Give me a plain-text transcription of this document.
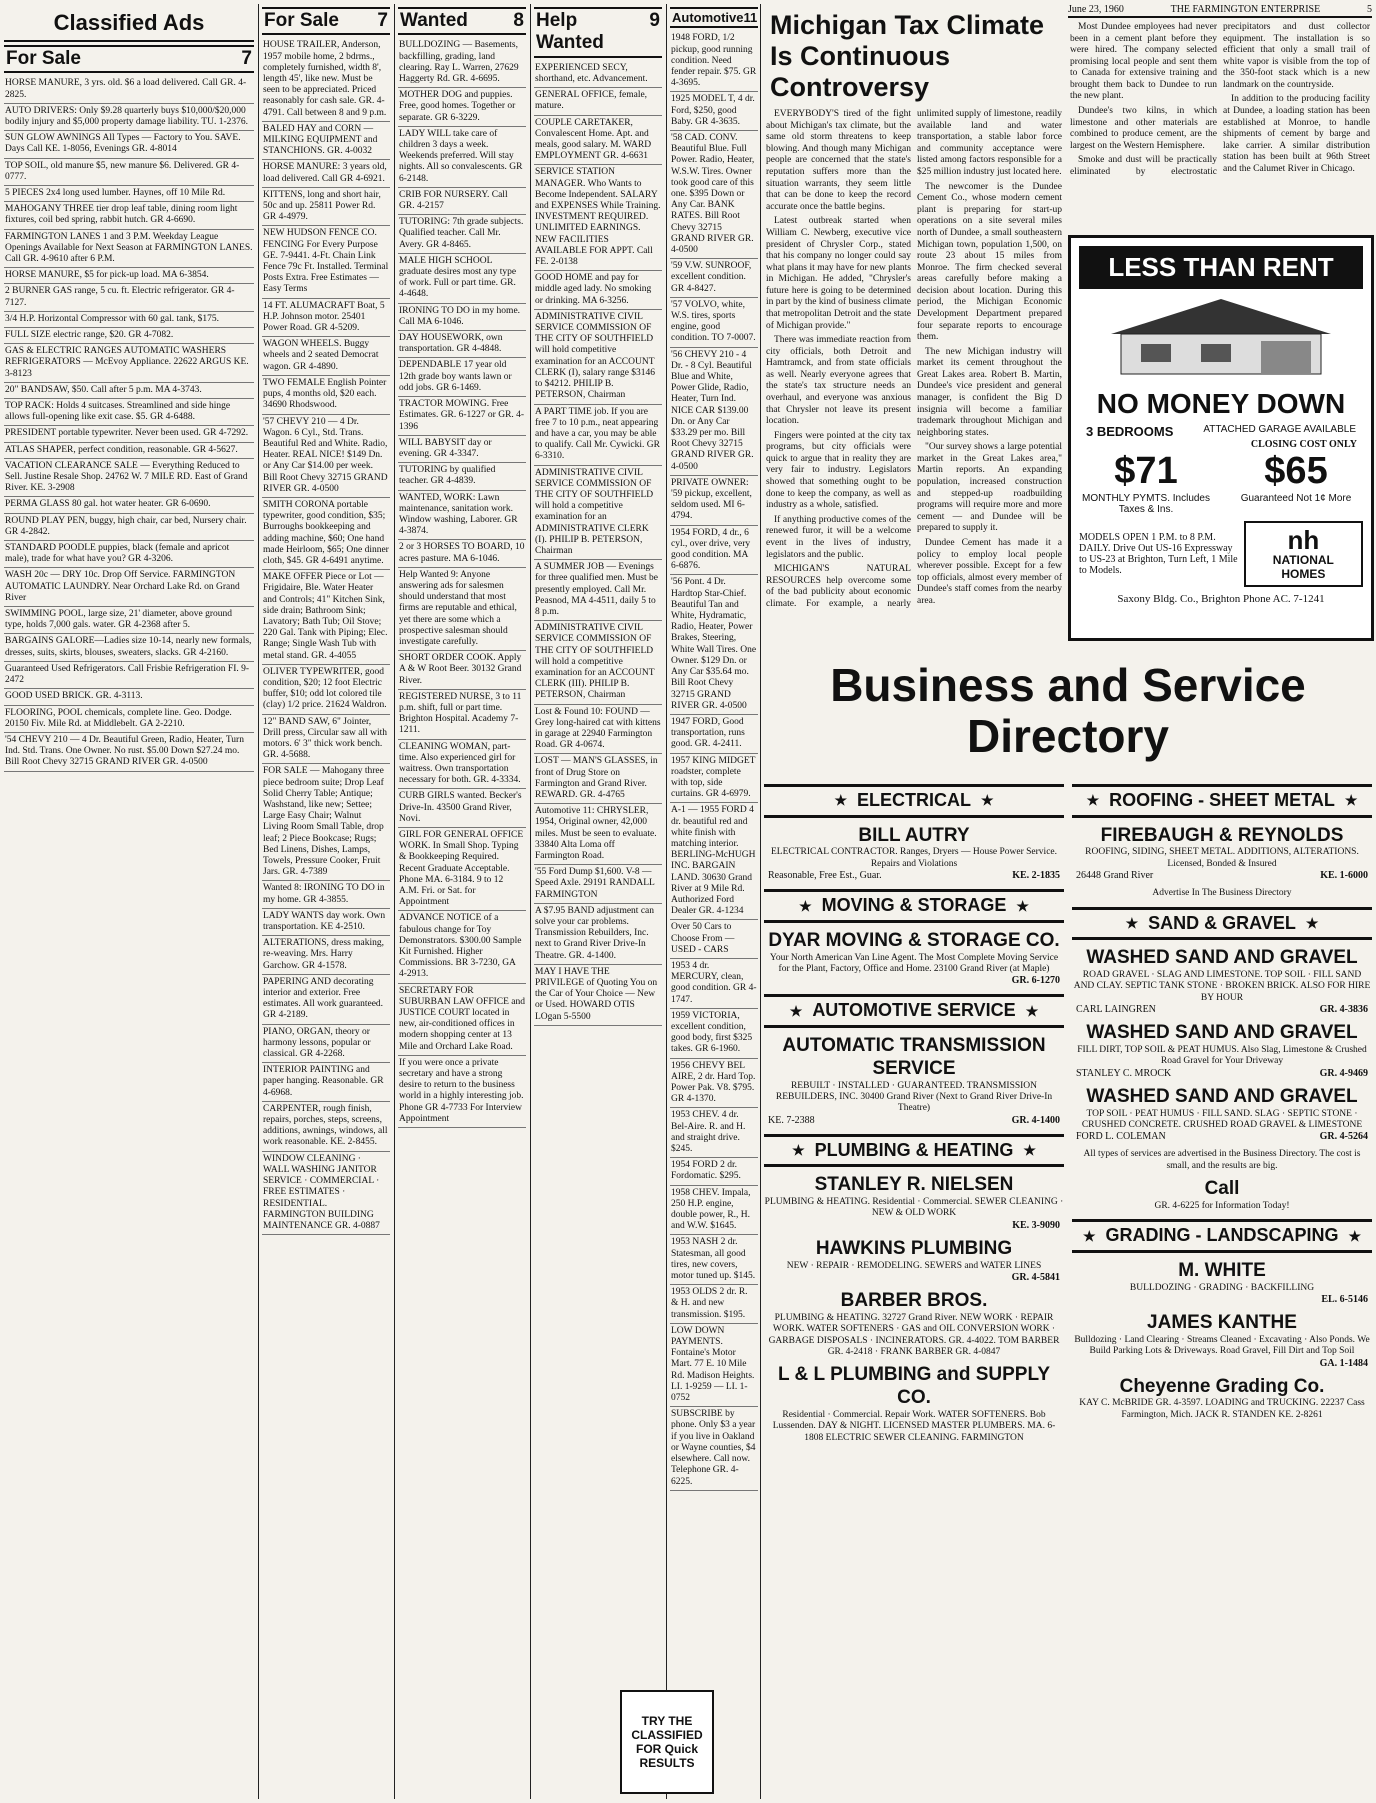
Classified Ads
For Sale	7
HORSE MANURE, 3 yrs. old. $6 a load delivered. Call GR. 4-2825.
AUTO DRIVERS: Only $9.28 quarterly buys $10,000/$20,000 bodily injury and $5,000 property damage liability. TU. 1-2376.
SUN GLOW AWNINGS All Types — Factory to You. SAVE. Days Call KE. 1-8056, Evenings GR. 4-8014
TOP SOIL, old manure $5, new manure $6. Delivered. GR 4-0777.
5 PIECES 2x4 long used lumber. Haynes, off 10 Mile Rd.
MAHOGANY THREE tier drop leaf table, dining room light fixtures, coil bed spring, rabbit hutch. GR 4-6690.
FARMINGTON LANES 1 and 3 P.M. Weekday League Openings Available for Next Season at FARMINGTON LANES. Call GR. 4-9610 after 6 P.M.
HORSE MANURE, $5 for pick-up load. MA 6-3854.
2 BURNER GAS range, 5 cu. ft. Electric refrigerator. GR 4-7127.
3/4 H.P. Horizontal Compressor with 60 gal. tank, $175.
FULL SIZE electric range, $20. GR 4-7082.
GAS & ELECTRIC RANGES AUTOMATIC WASHERS REFRIGERATORS — McEvoy Appliance. 22622 ARGUS KE. 3-8123
20" BANDSAW, $50. Call after 5 p.m. MA 4-3743.
TOP RACK: Holds 4 suitcases. Streamlined and side hinge allows full-opening like exit case. $5. GR 4-6488.
PRESIDENT portable typewriter. Never been used. GR 4-7292.
ATLAS SHAPER, perfect condition, reasonable. GR 4-5627.
VACATION CLEARANCE SALE — Everything Reduced to Sell. Justine Resale Shop. 24762 W. 7 MILE RD. East of Grand River. KE. 3-2908
PERMA GLASS 80 gal. hot water heater. GR 6-0690.
ROUND PLAY PEN, buggy, high chair, car bed, Nursery chair. GR 4-2842.
STANDARD POODLE puppies, black (female and apricot male), trade for what have you? GR 4-3206.
WASH 20c — DRY 10c. Drop Off Service. FARMINGTON AUTOMATIC LAUNDRY. Near Orchard Lake Rd. on Grand River
SWIMMING POOL, large size, 21' diameter, above ground type, holds 7,000 gals. water. GR 4-2368 after 5.
BARGAINS GALORE—Ladies size 10-14, nearly new formals, dresses, suits, skirts, blouses, sweaters, slacks. GR 4-2160.
Guaranteed Used Refrigerators. Call Frisbie Refrigeration FI. 9-2472
GOOD USED BRICK. GR. 4-3113.
FLOORING, POOL chemicals, complete line. Geo. Dodge. 20150 Fiv. Mile Rd. at Middlebelt. GA 2-2210.
'54 CHEVY 210 — 4 Dr. Beautiful Green, Radio, Heater, Turn Ind. Std. Trans. One Owner. No rust. $5.00 Down $27.24 mo. Bill Root Chevy 32715 GRAND RIVER GR. 4-0500
For Sale 7
HOUSE TRAILER, Anderson, 1957 mobile home, 2 bdrms., completely furnished, width 8', length 45', like new. Must be seen to be appreciated. Priced reasonably for cash sale. GR. 4-4791. Call between 8 and 9 p.m.
BALED HAY and CORN — MILKING EQUIPMENT and STANCHIONS. GR. 4-0032
HORSE MANURE: 3 years old, load delivered. Call GR 4-6921.
KITTENS, long and short hair, 50c and up. 25811 Power Rd. GR 4-4979.
NEW HUDSON FENCE CO. FENCING For Every Purpose GE. 7-9441. 4-Ft. Chain Link Fence 79c Ft. Installed. Terminal Posts Extra. Free Estimates — Easy Terms
14 FT. ALUMACRAFT Boat, 5 H.P. Johnson motor. 25401 Power Road. GR 4-5209.
WAGON WHEELS. Buggy wheels and 2 seated Democrat wagon. GR 4-4890.
TWO FEMALE English Pointer pups, 4 months old, $20 each. 34690 Rhodswood.
'57 CHEVY 210 — 4 Dr. Wagon. 6 Cyl., Std. Trans. Beautiful Red and White. Radio, Heater. REAL NICE! $149 Dn. or Any Car $14.00 per week. Bill Root Chevy 32715 GRAND RIVER GR. 4-0500
SMITH CORONA portable typewriter, good condition, $35; Burroughs bookkeeping and adding machine, $60; One hand made Heirloom, $65; One dinner cloth, $45. GR 4-6491 anytime.
MAKE OFFER Piece or Lot — Frigidaire, Ble. Water Heater and Controls; 41" Kitchen Sink, side drain; Bathroom Sink; Lavatory; Bath Tub; Oil Stove; 220 Gal. Tank with Piping; Elec. Range; Single Wash Tub with metal stand. GR. 4-4055
OLIVER TYPEWRITER, good condition, $20; 12 foot Electric buffer, $10; odd lot colored tile (clay) 1/2 price. 21624 Waldron.
12" BAND SAW, 6" Jointer, Drill press, Circular saw all with motors. 6' 3" thick work bench. GR. 4-5688.
FOR SALE — Mahogany three piece bedroom suite; Drop Leaf Solid Cherry Table; Antique; Washstand, like new; Settee; Large Easy Chair; Walnut Living Room Small Table, drop leaf; 2 Piece Bookcase; Rugs; Bed Linens, Dishes, Lamps, Towels, Pressure Cooker, Fruit Jars. GR. 4-7389
Wanted 8: IRONING TO DO in my home. GR 4-3855.
LADY WANTS day work. Own transportation. KE 4-2510.
ALTERATIONS, dress making, re-weaving. Mrs. Harry Garchow. GR 4-1578.
PAPERING AND decorating interior and exterior. Free estimates. All work guaranteed. GR 4-2189.
PIANO, ORGAN, theory or harmony lessons, popular or classical. GR 4-2268.
INTERIOR PAINTING and paper hanging. Reasonable. GR 4-6968.
CARPENTER, rough finish, repairs, porches, steps, screens, additions, awnings, windows, all work reasonable. KE. 2-8455.
WINDOW CLEANING · WALL WASHING JANITOR SERVICE · COMMERCIAL · FREE ESTIMATES · RESIDENTIAL. FARMINGTON BUILDING MAINTENANCE GR. 4-0887
Wanted 8
BULLDOZING — Basements, backfilling, grading, land clearing. Ray L. Warren, 27629 Haggerty Rd. GR. 4-6695.
MOTHER DOG and puppies. Free, good homes. Together or separate. GR 6-3229.
LADY WILL take care of children 3 days a week. Weekends preferred. Will stay nights. All so convalescents. GR 6-2148.
CRIB FOR NURSERY. Call GR. 4-2157
TUTORING: 7th grade subjects. Qualified teacher. Call Mr. Avery. GR 4-8465.
MALE HIGH SCHOOL graduate desires most any type of work. Full or part time. GR. 4-4648.
IRONING TO DO in my home. Call MA 6-1046.
DAY HOUSEWORK, own transportation. GR 4-4848.
DEPENDABLE 17 year old 12th grade boy wants lawn or odd jobs. GR 6-1469.
TRACTOR MOWING. Free Estimates. GR. 6-1227 or GR. 4-1396
WILL BABYSIT day or evening. GR 4-3347.
TUTORING by qualified teacher. GR 4-4839.
WANTED, WORK: Lawn maintenance, sanitation work. Window washing, Laborer. GR 4-3874.
2 or 3 HORSES TO BOARD, 10 acres pasture. MA 6-1046.
Help Wanted 9: Anyone answering ads for salesmen should understand that most firms are reputable and ethical, yet there are some which a prospective salesman should investigate carefully.
SHORT ORDER COOK. Apply A & W Root Beer. 30132 Grand River.
REGISTERED NURSE, 3 to 11 p.m. shift, full or part time. Brighton Hospital. Academy 7-1211.
CLEANING WOMAN, part-time. Also experienced girl for waitress. Own transportation necessary for both. GR. 4-3334.
CURB GIRLS wanted. Becker's Drive-In. 43500 Grand River, Novi.
GIRL FOR GENERAL OFFICE WORK. In Small Shop. Typing & Bookkeeping Required. Recent Graduate Acceptable. Phone MA. 6-3184. 9 to 12 A.M. Fri. or Sat. for Appointment
ADVANCE NOTICE of a fabulous change for Toy Demonstrators. $300.00 Sample Kit Furnished. Higher Commissions. BR 3-7230, GA 4-2913.
SECRETARY FOR SUBURBAN LAW OFFICE and JUSTICE COURT located in new, air-conditioned offices in modern shopping center at 13 Mile and Orchard Lake Road.
If you were once a private secretary and have a strong desire to return to the business world in a highly interesting job. Phone GR 4-7733 For Interview Appointment
Help Wanted
9
EXPERIENCED SECY, shorthand, etc. Advancement.
GENERAL OFFICE, female, mature.
COUPLE CARETAKER, Convalescent Home. Apt. and meals, good salary. M. WARD EMPLOYMENT GR. 4-6631
SERVICE STATION MANAGER. Who Wants to Become Independent. SALARY and EXPENSES While Training. INVESTMENT REQUIRED. UNLIMITED EARNINGS. NEW FACILITIES AVAILABLE FOR APPT. Call FE. 2-0138
GOOD HOME and pay for middle aged lady. No smoking or drinking. MA 6-3256.
ADMINISTRATIVE CIVIL SERVICE COMMISSION OF THE CITY OF SOUTHFIELD will hold competitive examination for an ACCOUNT CLERK (I), salary range $3146 to $4212. PHILIP B. PETERSON, Chairman
A PART TIME job. If you are free 7 to 10 p.m., neat appearing and have a car, you may be able to qualify. Call Mr. Cywicki. GR 6-3310.
ADMINISTRATIVE CIVIL SERVICE COMMISSION OF THE CITY OF SOUTHFIELD will hold a competitive examination for an ADMINISTRATIVE CLERK (I). PHILIP B. PETERSON, Chairman
A SUMMER JOB — Evenings for three qualified men. Must be presently employed. Call Mr. Peasnod, MA 4-4511, daily 5 to 8 p.m.
ADMINISTRATIVE CIVIL SERVICE COMMISSION OF THE CITY OF SOUTHFIELD will hold a competitive examination for an ACCOUNT CLERK (III). PHILIP B. PETERSON, Chairman
Lost & Found 10: FOUND — Grey long-haired cat with kittens in garage at 22940 Farmington Road. GR 4-0674.
LOST — MAN'S GLASSES, in front of Drug Store on Farmington and Grand River. REWARD. GR. 4-4765
Automotive 11: CHRYSLER, 1954, Original owner, 42,000 miles. Must be seen to evaluate. 33840 Alta Loma off Farmington Road.
'55 Ford Dump $1,600. V-8 — Speed Axle. 29191 RANDALL FARMINGTON
A $7.95 BAND adjustment can solve your car problems. Transmission Rebuilders, Inc. next to Grand River Drive-In Theatre. GR. 4-1400.
MAY I HAVE THE PRIVILEGE of Quoting You on the Car of Your Choice — New or Used. HOWARD OTIS LOgan 5-5500
Automotive 11
1948 FORD, 1/2 pickup, good running condition. Need fender repair. $75. GR 4-3695.
1925 MODEL T, 4 dr. Ford, $250, good Baby. GR 4-3635.
'58 CAD. CONV. Beautiful Blue. Full Power. Radio, Heater, W.S.W. Tires. Owner took good care of this one. $395 Down or Any Car. BANK RATES. Bill Root Chevy 32715 GRAND RIVER GR. 4-0500
'59 V.W. SUNROOF, excellent condition. GR 4-8427.
'57 VOLVO, white, W.S. tires, sports engine, good condition. TO 7-0007.
'56 CHEVY 210 - 4 Dr. - 8 Cyl. Beautiful Blue and White, Power Glide, Radio, Heater, Turn Ind. NICE CAR $139.00 Dn. or Any Car $33.29 per mo. Bill Root Chevy 32715 GRAND RIVER GR. 4-0500
PRIVATE OWNER: '59 pickup, excellent, seldom used. MI 6-4794.
1954 FORD, 4 dr., 6 cyl., over drive, very good condition. MA 6-6876.
'56 Pont. 4 Dr. Hardtop Star-Chief. Beautiful Tan and White, Hydramatic, Radio, Heater, Power Brakes, Steering, White Wall Tires. One Owner. $129 Dn. or Any Car $35.64 mo. Bill Root Chevy 32715 GRAND RIVER GR. 4-0500
1947 FORD, Good transportation, runs good. GR. 4-2411.
1957 KING MIDGET roadster, complete with top, side curtains. GR 4-6979.
A-1 — 1955 FORD 4 dr. beautiful red and white finish with matching interior. BERLING-McHUGH INC. BARGAIN LAND. 30630 Grand River at 9 Mile Rd. Authorized Ford Dealer GR. 4-1234
Over 50 Cars to Choose From — USED - CARS
1953 4 dr. MERCURY, clean, good condition. GR 4-1747.
1959 VICTORIA, excellent condition, good body, first $325 takes. GR 6-1960.
1956 CHEVY BEL AIRE, 2 dr. Hard Top. Power Pak. V8. $795. GR 4-1370.
1953 CHEV. 4 dr. Bel-Aire. R. and H. and straight drive. $245.
1954 FORD 2 dr. Fordomatic. $295.
1958 CHEV. Impala, 250 H.P. engine, double power, R., H. and W.W. $1645.
1953 NASH 2 dr. Statesman, all good tires, new covers, motor tuned up. $145.
1953 OLDS 2 dr. R. & H. and new transmission. $195.
LOW DOWN PAYMENTS. Fontaine's Motor Mart. 77 E. 10 Mile Rd. Madison Heights. LI. 1-9259 — LI. 1-0752
SUBSCRIBE by phone. Only $3 a year if you live in Oakland or Wayne counties, $4 elsewhere. Call now. Telephone GR. 4-6225.
Michigan Tax Climate Is Continuous Controversy

EVERYBODY'S tired of the fight about Michigan's tax climate, but the same old storm threatens to keep blowing. And though many Michigan people are concerned that the state's reputation suffers more than the situation warrants, they seem little that can be done to keep the record accurate once the battle begins.

Latest outbreak started when William C. Newberg, executive vice president of Chrysler Corp., stated that his company no longer could say what plans it may have for new plants in Michigan. He added, "Chrysler's future here is going to be determined in part by the kind of business climate that metropolitan Detroit and the state of Michigan provide."

There was immediate reaction from city officials, both Detroit and Hamtramck, and from state officials as well. Nearly everyone agrees that the state's tax structure needs an overhaul, and everyone was anxious that Chrysler not leave its present location.

Fingers were pointed at the city tax programs, but city officials were quick to argue that in reality they are very fair to industry. Legislators showed that something ought to be done to keep the company, as well as industry as a whole, satisfied.

If anything productive comes of the renewed furor, it will be a welcome event in the lives of industry, legislators and the public.

MICHIGAN'S NATURAL RESOURCES help overcome some of the bad publicity about economic climate. For example, a nearly unlimited supply of limestone, readily available land and water transportation, a stable labor force and community acceptance were listed among factors responsible for a $25 million industry just located here.

The newcomer is the Dundee Cement Co., whose modern cement plant is preparing for start-up operations on a site several miles north of Dundee, a small southeastern Michigan town, population 1,500, on route 23 about 15 miles from Monroe. The firm checked several areas carefully before making a decision about location. During this period, the Michigan Economic Development Department prepared four separate reports to encourage them.

The new Michigan industry will market its cement throughout the Great Lakes area. Robert B. Martin, Dundee's vice president and general manager, is confident the Big D insignia will become a familiar trademark throughout Michigan and neighboring states.

"Our survey shows a large potential market in the Great Lakes area," Martin reports. An expanding population, increased construction and stepped-up roadbuilding programs will require more and more cement — and Dundee will be prepared to supply it.

Dundee Cement has made it a policy to employ local people wherever possible. Except for a few top officials, almost every member of Dundee's staff comes from the nearby area.

June 23, 1960	THE FARMINGTON ENTERPRISE	5

Most Dundee employees had never been in a cement plant before they were hired. The company selected promising local people and sent them to Canada for extensive training and brought them back to Dundee to run the new plant.

Dundee's two kilns, in which limestone and other materials are combined to produce cement, are the largest on the Western Hemisphere.

Smoke and dust will be practically eliminated by electrostatic precipitators and dust collector equipment. The installation is so efficient that only a small trail of white vapor is visible from the top of the 350-foot stack which is a new landmark on the countryside.

In addition to the producing facility at Dundee, a loading station has been established at Monroe, to handle shipments of cement by barge and lake carrier. A similar distribution station has been built at 96th Street and the Calumet River in Chicago.

LESS THAN RENT
NO MONEY DOWN
3 BEDROOMS	ATTACHED GARAGE AVAILABLE
CLOSING COST ONLY
$71 $65
MONTHLY PYMTS. Includes Taxes & Ins.
Guaranteed Not 1¢ More
MODELS OPEN 1 P.M. to 8 P.M. DAILY. Drive Out US-16 Expressway to US-23 at Brighton, Turn Left, 1 Mile to Models.
nh
NATIONAL HOMES
Saxony Bldg. Co., Brighton Phone AC. 7-1241
Business and Service Directory
★ ELECTRICAL ★
BILL AUTRY
ELECTRICAL CONTRACTOR. Ranges, Dryers — House Power Service. Repairs and Violations
Reasonable, Free Est., Guar.	KE. 2-1835
★ MOVING & STORAGE ★
DYAR MOVING & STORAGE CO.
Your North American Van Line Agent. The Most Complete Moving Service for the Plant, Factory, Office and Home. 23100 Grand River (at Maple)
GR. 6-1270
★ AUTOMOTIVE SERVICE ★
AUTOMATIC TRANSMISSION SERVICE
REBUILT · INSTALLED · GUARANTEED. TRANSMISSION REBUILDERS, INC. 30400 Grand River (Next to Grand River Drive-In Theatre)
KE. 7-2388	GR. 4-1400
★ PLUMBING & HEATING ★
STANLEY R. NIELSEN
PLUMBING & HEATING. Residential · Commercial. SEWER CLEANING · NEW & OLD WORK
KE. 3-9090
HAWKINS PLUMBING
NEW · REPAIR · REMODELING. SEWERS and WATER LINES
GR. 4-5841
BARBER BROS.
PLUMBING & HEATING. 32727 Grand River. NEW WORK · REPAIR WORK. WATER SOFTENERS · GAS and OIL CONVERSION WORK · GARBAGE DISPOSALS · INCINERATORS. GR. 4-4022. TOM BARBER GR. 4-2418 · FRANK BARBER GR. 4-0847
L & L PLUMBING and SUPPLY CO.
Residential · Commercial. Repair Work. WATER SOFTENERS. Bob Lussenden. DAY & NIGHT. LICENSED MASTER PLUMBERS. MA. 6-1808 ELECTRIC SEWER CLEANING. FARMINGTON
★ ROOFING - SHEET METAL ★
FIREBAUGH & REYNOLDS
ROOFING, SIDING, SHEET METAL. ADDITIONS, ALTERATIONS. Licensed, Bonded & Insured
26448 Grand River	KE. 1-6000
Advertise In The Business Directory
★ SAND & GRAVEL ★
WASHED SAND AND GRAVEL
ROAD GRAVEL · SLAG AND LIMESTONE. TOP SOIL · FILL SAND AND CLAY. SEPTIC TANK STONE · BROKEN BRICK. ALSO FOR HIRE BY HOUR
CARL LAINGREN	GR. 4-3836
WASHED SAND AND GRAVEL
FILL DIRT, TOP SOIL & PEAT HUMUS. Also Slag, Limestone & Crushed Road Gravel for Your Driveway
STANLEY C. MROCK	GR. 4-9469
WASHED SAND AND GRAVEL
TOP SOIL · PEAT HUMUS · FILL SAND. SLAG · SEPTIC STONE · CRUSHED CONCRETE. CRUSHED ROAD GRAVEL & LIMESTONE
FORD L. COLEMAN	GR. 4-5264
All types of services are advertised in the Business Directory. The cost is small, and the results are big.
Call
GR. 4-6225 for Information Today!
★ GRADING - LANDSCAPING ★
M. WHITE
BULLDOZING · GRADING · BACKFILLING
EL. 6-5146
JAMES KANTHE
Bulldozing · Land Clearing · Streams Cleaned · Excavating · Also Ponds. We Build Parking Lots & Driveways. Road Gravel, Fill Dirt and Top Soil
GA. 1-1484
Cheyenne Grading Co.
KAY C. McBRIDE GR. 4-3597. LOADING and TRUCKING. 22237 Cass Farmington, Mich. JACK R. STANDEN KE. 2-8261
TRY THE CLASSIFIED FOR Quick RESULTS
